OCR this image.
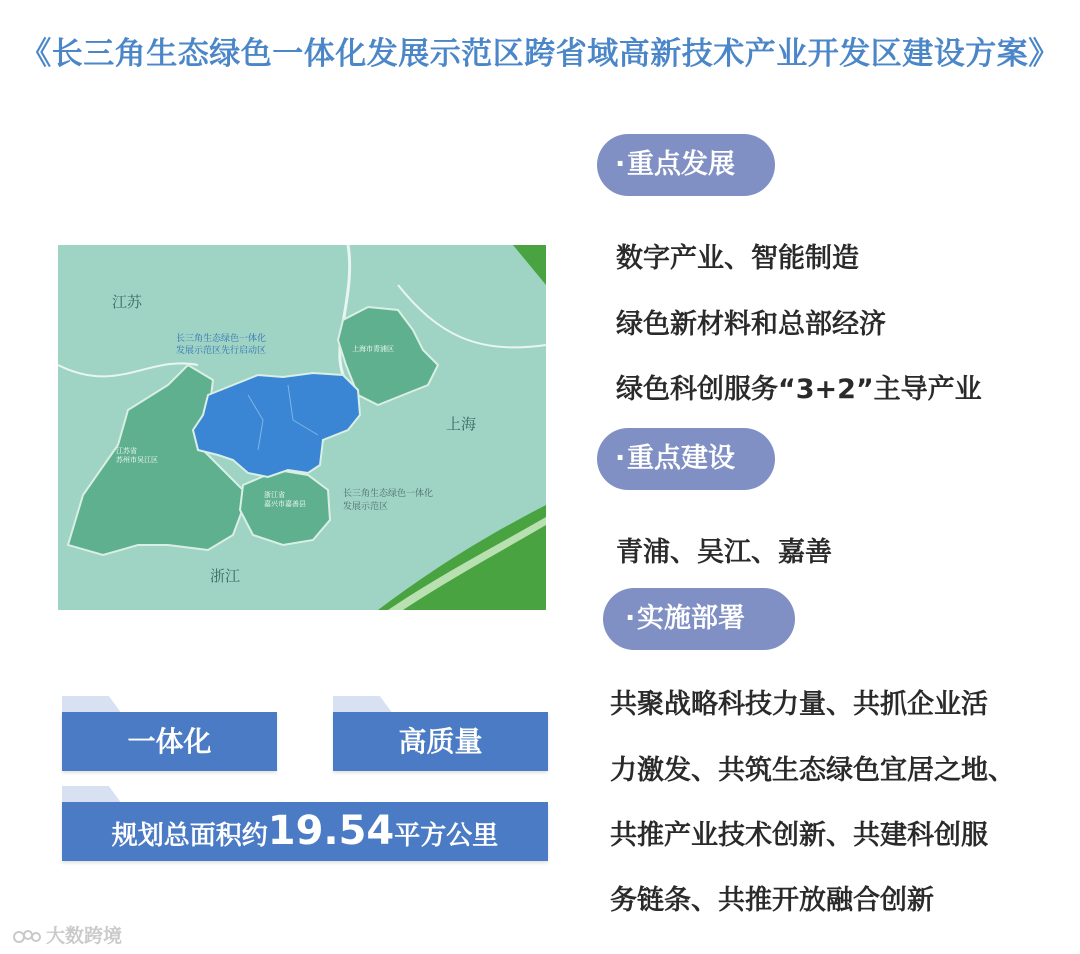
《长三角生态绿色一体化发展示范区跨省域高新技术产业开发区建设方案》
江苏
上海
浙江
长三角生态绿色一体化
发展示范区先行启动区
长三角生态绿色一体化
发展示范区
上海市青浦区
江苏省
苏州市吴江区
浙江省
嘉兴市嘉善县
一体化	高质量
规划总面积约19.54平方公里
·重点发展
数字产业、智能制造
绿色新材料和总部经济
绿色科创服务“3+2”主导产业
·重点建设
青浦、吴江、嘉善
·实施部署
共聚战略科技力量、共抓企业活
力激发、共筑生态绿色宜居之地、
共推产业技术创新、共建科创服
务链条、共推开放融合创新
大数跨境
